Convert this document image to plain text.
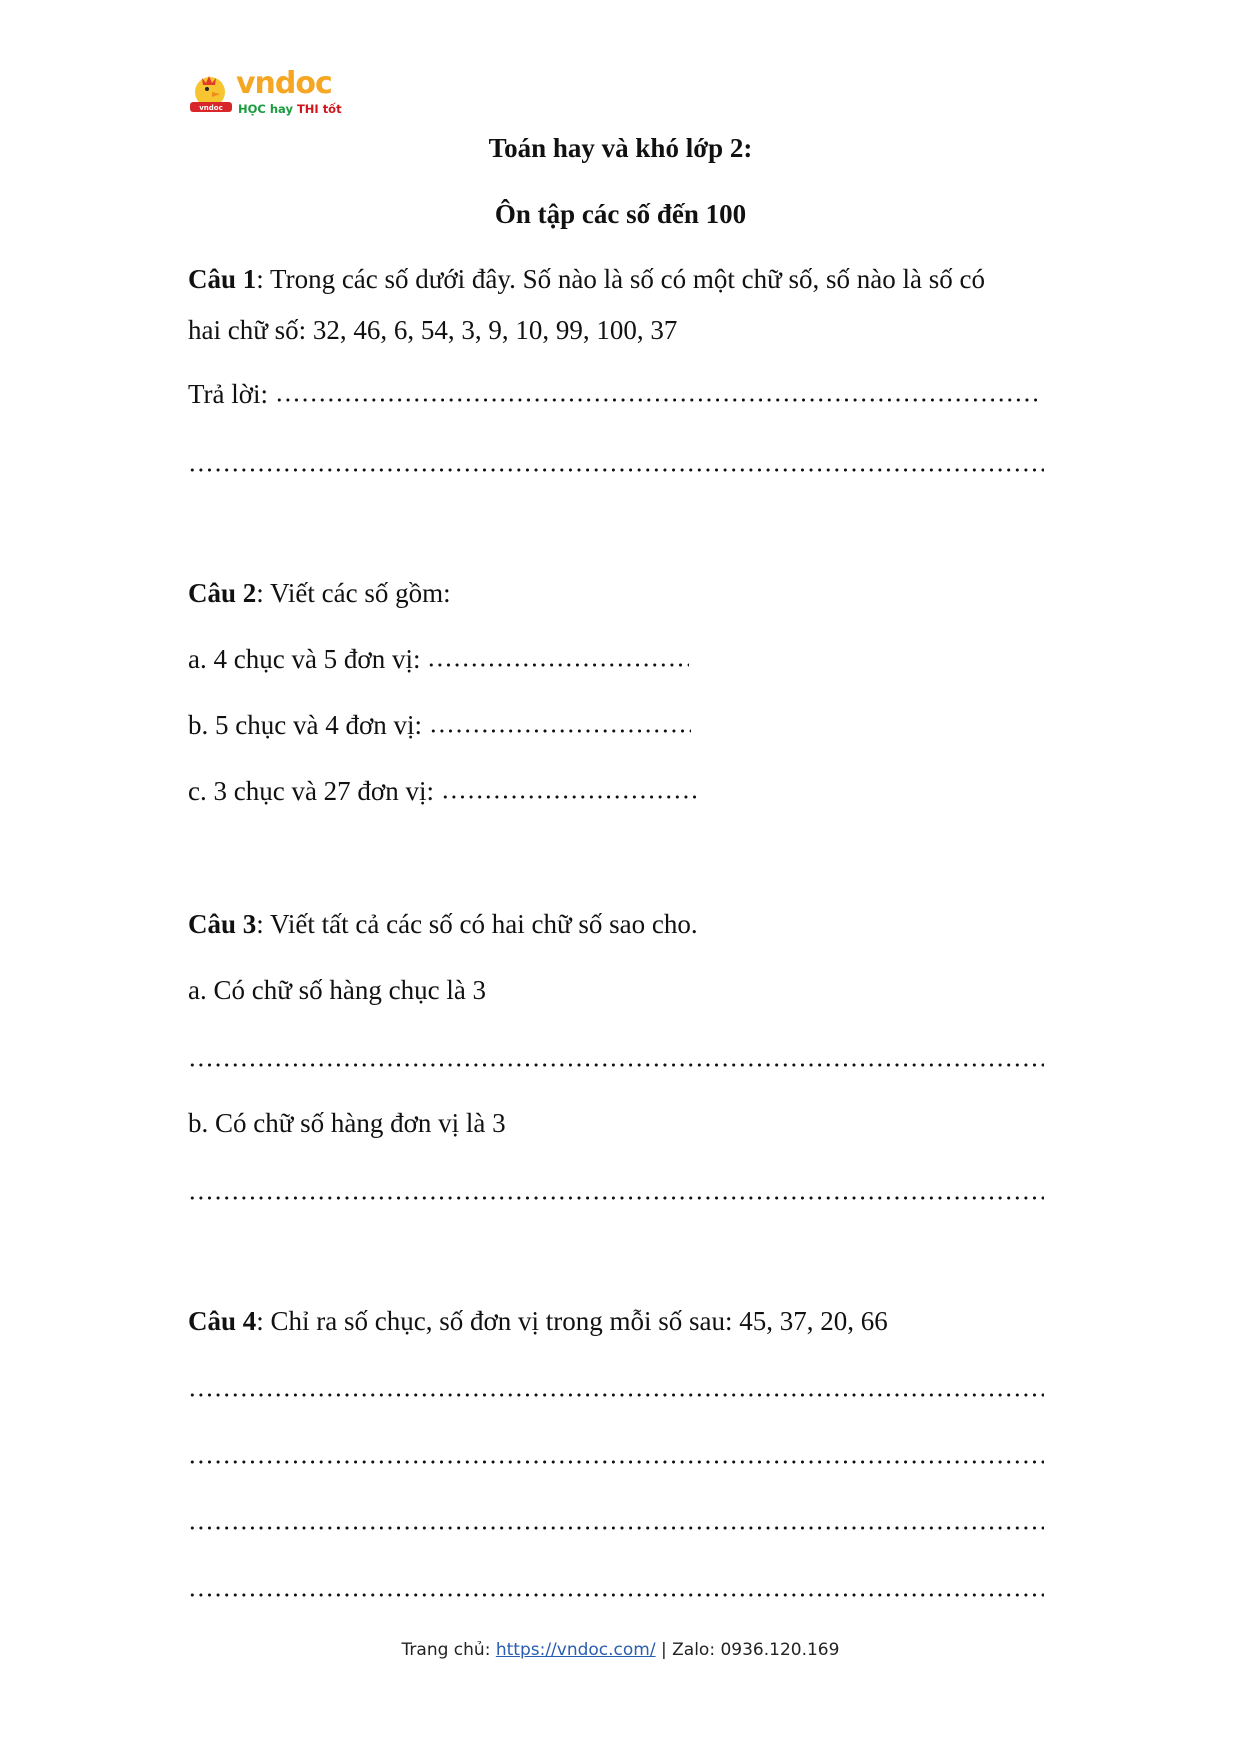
vndoc
vndoc
HỌC hay THI tốt
Toán hay và khó lớp 2:
Ôn tập các số đến 100
Câu 1: Trong các số dưới đây. Số nào là số có một chữ số, số nào là số có
hai chữ số: 32, 46, 6, 54, 3, 9, 10, 99, 100, 37
Trả lời:
Câu 2: Viết các số gồm:
a. 4 chục và 5 đơn vị:
b. 5 chục và 4 đơn vị:
c. 3 chục và 27 đơn vị:
Câu 3: Viết tất cả các số có hai chữ số sao cho.
a. Có chữ số hàng chục là 3
b. Có chữ số hàng đơn vị là 3
Câu 4: Chỉ ra số chục, số đơn vị trong mỗi số sau: 45, 37, 20, 66
Trang chủ: https://vndoc.com/ | Zalo: 0936.120.169
